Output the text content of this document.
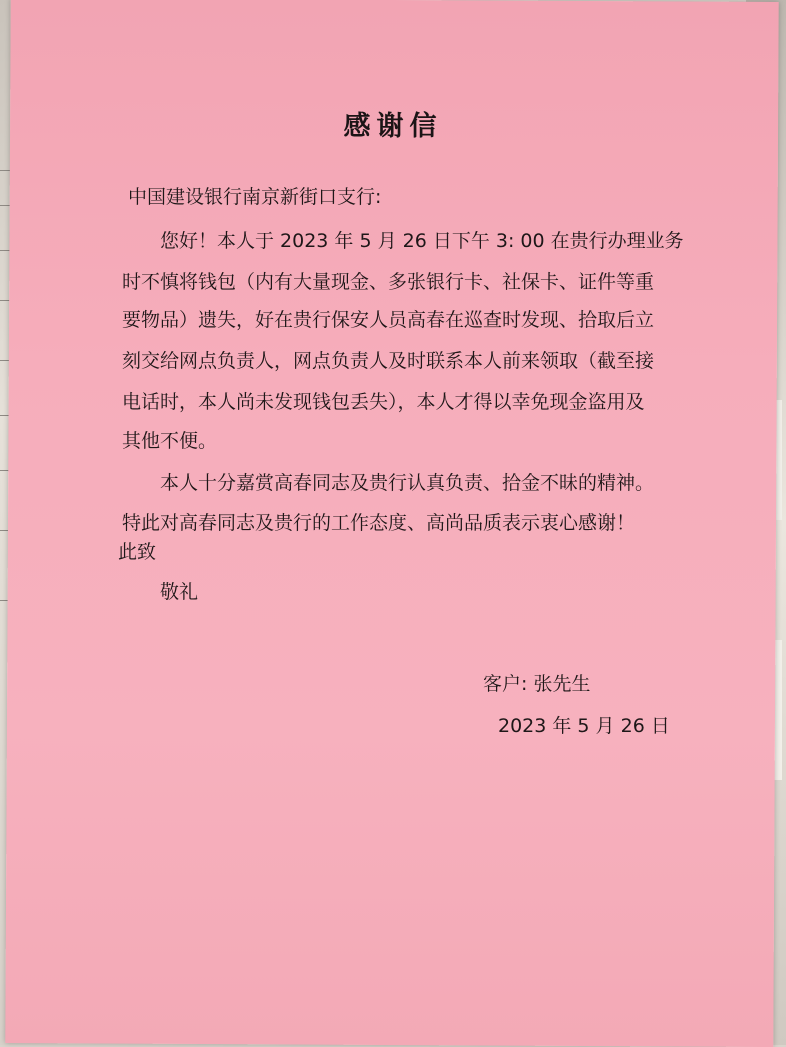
感谢信
中国建设银行南京新街口支行:
您好！本人于 2023 年 5 月 26 日下午 3: 00 在贵行办理业务
时不慎将钱包（内有大量现金、多张银行卡、社保卡、证件等重
要物品）遗失，好在贵行保安人员高春在巡查时发现、拾取后立
刻交给网点负责人，网点负责人及时联系本人前来领取（截至接
电话时，本人尚未发现钱包丢失），本人才得以幸免现金盗用及
其他不便。
本人十分嘉赏高春同志及贵行认真负责、拾金不昧的精神。
特此对高春同志及贵行的工作态度、高尚品质表示衷心感谢！
此致
敬礼
客户: 张先生
2023 年 5 月 26 日
